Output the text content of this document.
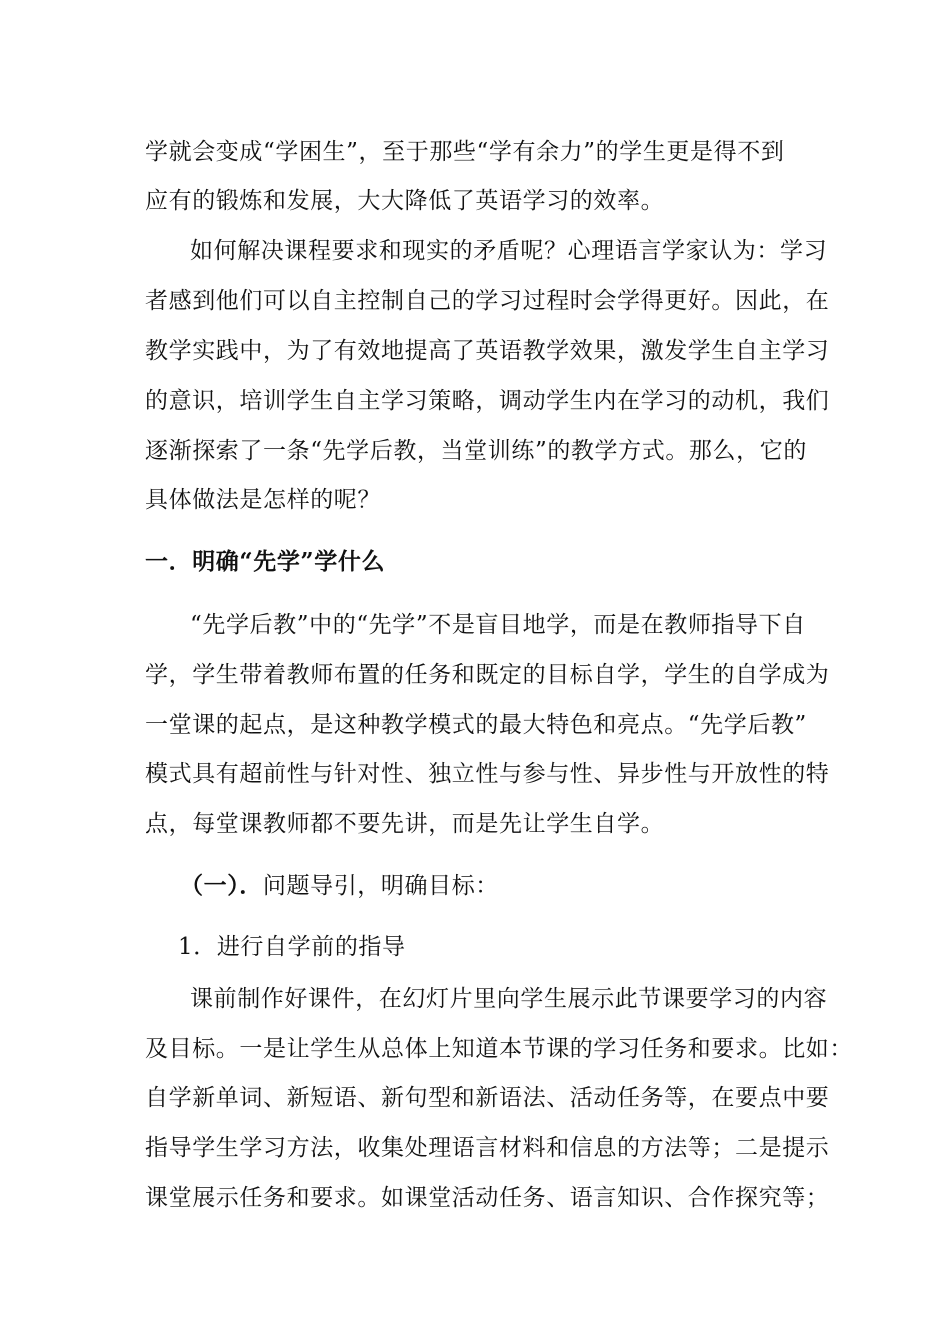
学就会变成“学困生”，至于那些“学有余力”的学生更是得不到
应有的锻炼和发展，大大降低了英语学习的效率。
如何解决课程要求和现实的矛盾呢？心理语言学家认为：学习
者感到他们可以自主控制自己的学习过程时会学得更好。因此，在
教学实践中，为了有效地提高了英语教学效果，激发学生自主学习
的意识，培训学生自主学习策略，调动学生内在学习的动机，我们
逐渐探索了一条“先学后教，当堂训练”的教学方式。那么，它的
具体做法是怎样的呢？
一．明确“先学”学什么
“先学后教”中的“先学”不是盲目地学，而是在教师指导下自
学，学生带着教师布置的任务和既定的目标自学，学生的自学成为
一堂课的起点，是这种教学模式的最大特色和亮点。“先学后教”
模式具有超前性与针对性、独立性与参与性、异步性与开放性的特
点，每堂课教师都不要先讲，而是先让学生自学。
（一）．问题导引，明确目标：
1．进行自学前的指导
课前制作好课件，在幻灯片里向学生展示此节课要学习的内容
及目标。一是让学生从总体上知道本节课的学习任务和要求。比如：
自学新单词、新短语、新句型和新语法、活动任务等，在要点中要
指导学生学习方法，收集处理语言材料和信息的方法等；二是提示
课堂展示任务和要求。如课堂活动任务、语言知识、合作探究等；
